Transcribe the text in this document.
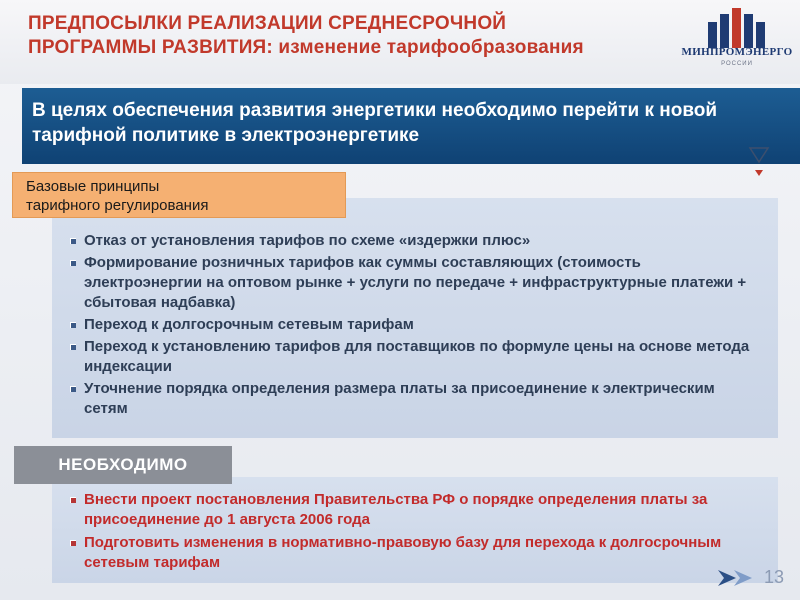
ПРЕДПОСЫЛКИ РЕАЛИЗАЦИИ СРЕДНЕСРОЧНОЙ
ПРОГРАММЫ РАЗВИТИЯ: изменение тарифообразования	МИНПРОМЭНЕРГО
РОССИИ
В целях обеспечения развития энергетики необходимо перейти к новой тарифной политике в электроэнергетике
Базовые принципы
тарифного регулирования
Отказ от установления тарифов по схеме «издержки плюс»
Формирование розничных тарифов как суммы составляющих (стоимость электроэнергии на оптовом рынке + услуги по передаче + инфраструктурные платежи + сбытовая надбавка)
Переход к долгосрочным сетевым тарифам
Переход к установлению тарифов для поставщиков по формуле цены на основе метода индексации
Уточнение порядка определения размера платы за присоединение к электрическим сетям
НЕОБХОДИМО
Внести проект постановления Правительства РФ о порядке определения платы за присоединение до 1 августа 2006 года
Подготовить изменения в нормативно-правовую базу для перехода к долгосрочным сетевым тарифам
13
